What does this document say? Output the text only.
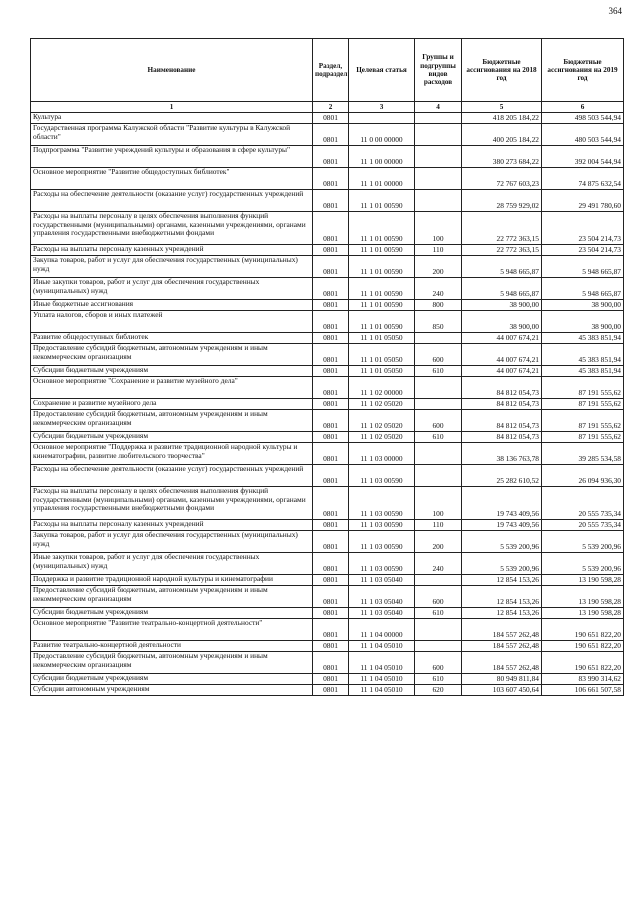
364
Наименование	Раздел, подраздел	Целевая статья	Группы и подгруппы видов расходов	Бюджетные ассигнования на 2018 год	Бюджетные ассигнования на 2019 год
1	2	3	4	5	6
Культура	0801			418 205 184,22	498 503 544,94
Государственная программа Калужской области "Развитие культуры в Калужской области"	0801	11 0 00 00000		400 205 184,22	480 503 544,94
Подпрограмма "Развитие учреждений культуры и образования в сфере культуры"	0801	11 1 00 00000		380 273 684,22	392 004 544,94
Основное мероприятие "Развитие общедоступных библиотек"	0801	11 1 01 00000		72 767 603,23	74 875 632,54
Расходы на обеспечение деятельности (оказание услуг) государственных учреждений	0801	11 1 01 00590		28 759 929,02	29 491 780,60
Расходы на выплаты персоналу в целях обеспечения выполнения функций государственными (муниципальными) органами, казенными учреждениями, органами управления государственными внебюджетными фондами	0801	11 1 01 00590	100	22 772 363,15	23 504 214,73
Расходы на выплаты персоналу казенных учреждений	0801	11 1 01 00590	110	22 772 363,15	23 504 214,73
Закупка товаров, работ и услуг для обеспечения государственных (муниципальных) нужд	0801	11 1 01 00590	200	5 948 665,87	5 948 665,87
Иные закупки товаров, работ и услуг для обеспечения государственных (муниципальных) нужд	0801	11 1 01 00590	240	5 948 665,87	5 948 665,87
Иные бюджетные ассигнования	0801	11 1 01 00590	800	38 900,00	38 900,00
Уплата налогов, сборов и иных платежей	0801	11 1 01 00590	850	38 900,00	38 900,00
Развитие общедоступных библиотек	0801	11 1 01 05050		44 007 674,21	45 383 851,94
Предоставление субсидий бюджетным, автономным учреждениям и иным некоммерческим организациям	0801	11 1 01 05050	600	44 007 674,21	45 383 851,94
Субсидии бюджетным учреждениям	0801	11 1 01 05050	610	44 007 674,21	45 383 851,94
Основное мероприятие "Сохранение и развитие музейного дела"	0801	11 1 02 00000		84 812 054,73	87 191 555,62
Сохранение и развитие музейного дела	0801	11 1 02 05020		84 812 054,73	87 191 555,62
Предоставление субсидий бюджетным, автономным учреждениям и иным некоммерческим организациям	0801	11 1 02 05020	600	84 812 054,73	87 191 555,62
Субсидии бюджетным учреждениям	0801	11 1 02 05020	610	84 812 054,73	87 191 555,62
Основное мероприятие "Поддержка и развитие традиционной народной культуры и кинематографии, развитие любительского творчества"	0801	11 1 03 00000		38 136 763,78	39 285 534,58
Расходы на обеспечение деятельности (оказание услуг) государственных учреждений	0801	11 1 03 00590		25 282 610,52	26 094 936,30
Расходы на выплаты персоналу в целях обеспечения выполнения функций государственными (муниципальными) органами, казенными учреждениями, органами управления государственными внебюджетными фондами	0801	11 1 03 00590	100	19 743 409,56	20 555 735,34
Расходы на выплаты персоналу казенных учреждений	0801	11 1 03 00590	110	19 743 409,56	20 555 735,34
Закупка товаров, работ и услуг для обеспечения государственных (муниципальных) нужд	0801	11 1 03 00590	200	5 539 200,96	5 539 200,96
Иные закупки товаров, работ и услуг для обеспечения государственных (муниципальных) нужд	0801	11 1 03 00590	240	5 539 200,96	5 539 200,96
Поддержка и развитие традиционной народной культуры и кинематографии	0801	11 1 03 05040		12 854 153,26	13 190 598,28
Предоставление субсидий бюджетным, автономным учреждениям и иным некоммерческим организациям	0801	11 1 03 05040	600	12 854 153,26	13 190 598,28
Субсидии бюджетным учреждениям	0801	11 1 03 05040	610	12 854 153,26	13 190 598,28
Основное мероприятие "Развитие театрально-концертной деятельности"	0801	11 1 04 00000		184 557 262,48	190 651 822,20
Развитие театрально-концертной деятельности	0801	11 1 04 05010		184 557 262,48	190 651 822,20
Предоставление субсидий бюджетным, автономным учреждениям и иным некоммерческим организациям	0801	11 1 04 05010	600	184 557 262,48	190 651 822,20
Субсидии бюджетным учреждениям	0801	11 1 04 05010	610	80 949 811,84	83 990 314,62
Субсидии автономным учреждениям	0801	11 1 04 05010	620	103 607 450,64	106 661 507,58
